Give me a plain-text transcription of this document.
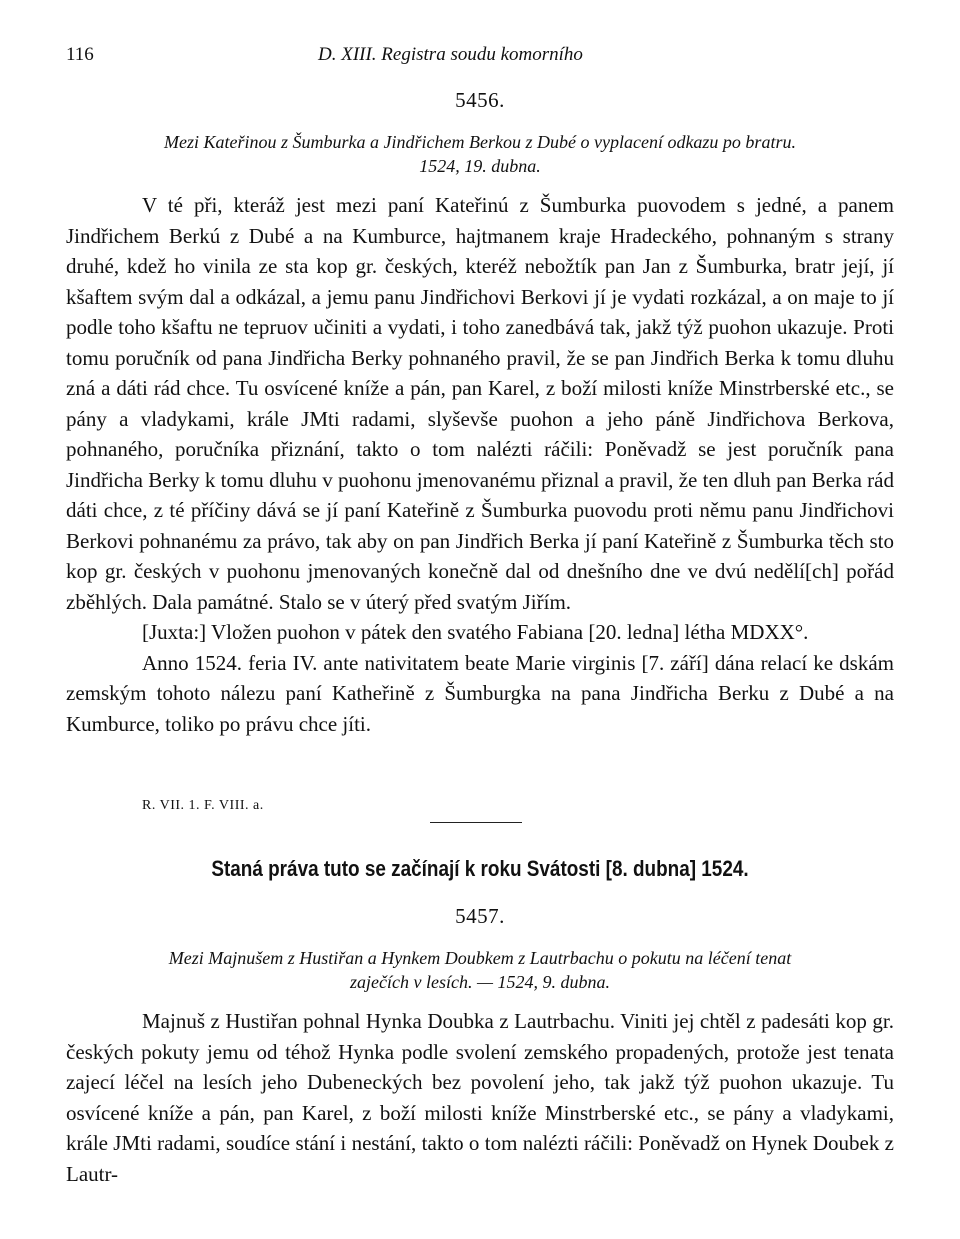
116	D. XIII. Registra soudu komorního
5456.
Mezi Kateřinou z Šumburka a Jindřichem Berkou z Dubé o vyplacení odkazu po bratru.
1524, 19. dubna.

V té při, kteráž jest mezi paní Kateřinú z Šumburka puovodem s jedné, a panem Jindřichem Berkú z Dubé a na Kumburce, hajtmanem kraje Hradeckého, pohnaným s strany druhé, kdež ho vinila ze sta kop gr. českých, kteréž nebožtík pan Jan z Šumburka, bratr její, jí kšaftem svým dal a odkázal, a jemu panu Jindřichovi Berkovi jí je vydati rozkázal, a on maje to jí podle toho kšaftu ne tepruov učiniti a vydati, i toho zanedbává tak, jakž týž puohon ukazuje. Proti tomu poručník od pana Jindřicha Berky pohnaného pravil, že se pan Jindřich Berka k tomu dluhu zná a dáti rád chce. Tu osvícené kníže a pán, pan Karel, z boží milosti kníže Minstrberské etc., se pány a vladykami, krále JMti radami, slyševše puohon a jeho páně Jindřichova Berkova, pohnaného, poručníka přiznání, takto o tom nalézti ráčili: Poněvadž se jest poručník pana Jindřicha Berky k tomu dluhu v puohonu jmenovanému přiznal a pravil, že ten dluh pan Berka rád dáti chce, z té příčiny dává se jí paní Kateřině z Šumburka puovodu proti němu panu Jindřichovi Berkovi pohnanému za právo, tak aby on pan Jindřich Berka jí paní Kateřině z Šumburka těch sto kop gr. českých v puohonu jmenovaných konečně dal od dnešního dne ve dvú nedělí[ch] pořád zběhlých. Dala památné. Stalo se v úterý před svatým Jiřím.

[Juxta:] Vložen puohon v pátek den svatého Fabiana [20. ledna] létha MDXX°.

Anno 1524. feria IV. ante nativitatem beate Marie virginis [7. září] dána relací ke dskám zemským tohoto nálezu paní Katheřině z Šumburgka na pana Jindřicha Berku z Dubé a na Kumburce, toliko po právu chce jíti.

R. VII. 1. F. VIII. a.
Staná práva tuto se začínají k roku Svátosti [8. dubna] 1524.
5457.
Mezi Majnušem z Hustiřan a Hynkem Doubkem z Lautrbachu o pokutu na léčení tenat
zaječích v lesích. — 1524, 9. dubna.

Majnuš z Hustiřan pohnal Hynka Doubka z Lautrbachu. Viniti jej chtěl z padesáti kop gr. českých pokuty jemu od téhož Hynka podle svolení zemského propadených, protože jest tenata zajecí léčel na lesích jeho Dubeneckých bez povolení jeho, tak jakž týž puohon ukazuje. Tu osvícené kníže a pán, pan Karel, z boží milosti kníže Minstrberské etc., se pány a vladykami, krále JMti radami, soudíce stání i nestání, takto o tom nalézti ráčili: Poněvadž on Hynek Doubek z Lautr-
